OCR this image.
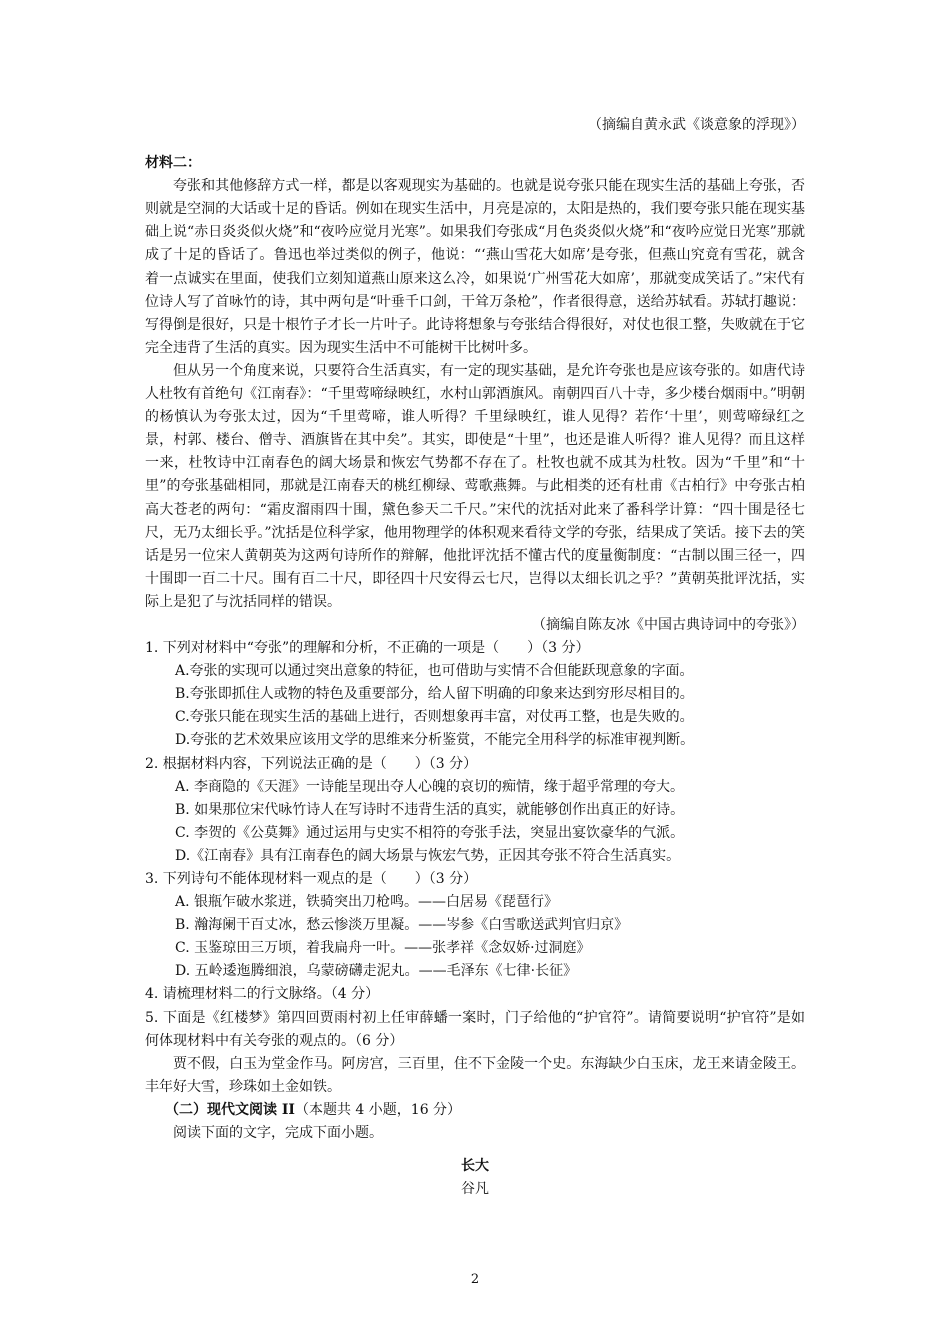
（摘编自黄永武《谈意象的浮现》）

材料二：

夸张和其他修辞方式一样，都是以客观现实为基础的。也就是说夸张只能在现实生活的基础上夸张，否则就是空洞的大话或十足的昏话。例如在现实生活中，月亮是凉的，太阳是热的，我们要夸张只能在现实基础上说“赤日炎炎似火烧”和“夜吟应觉月光寒”。如果我们夸张成“月色炎炎似火烧”和“夜吟应觉日光寒”那就成了十足的昏话了。鲁迅也举过类似的例子，他说：“‘燕山雪花大如席’是夸张，但燕山究竟有雪花，就含着一点诚实在里面，使我们立刻知道燕山原来这么冷，如果说‘广州雪花大如席’，那就变成笑话了。”宋代有位诗人写了首咏竹的诗，其中两句是“叶垂千口剑，干耸万条枪”，作者很得意，送给苏轼看。苏轼打趣说：写得倒是很好，只是十根竹子才长一片叶子。此诗将想象与夸张结合得很好，对仗也很工整，失败就在于它完全违背了生活的真实。因为现实生活中不可能树干比树叶多。

但从另一个角度来说，只要符合生活真实，有一定的现实基础，是允许夸张也是应该夸张的。如唐代诗人杜牧有首绝句《江南春》：“千里莺啼绿映红，水村山郭酒旗风。南朝四百八十寺，多少楼台烟雨中。”明朝的杨慎认为夸张太过，因为“千里莺啼，谁人听得？千里绿映红，谁人见得？若作‘十里’，则莺啼绿红之景，村郭、楼台、僧寺、酒旗皆在其中矣”。其实，即使是“十里”，也还是谁人听得？谁人见得？而且这样一来，杜牧诗中江南春色的阔大场景和恢宏气势都不存在了。杜牧也就不成其为杜牧。因为“千里”和“十里”的夸张基础相同，那就是江南春天的桃红柳绿、莺歌燕舞。与此相类的还有杜甫《古柏行》中夸张古柏高大苍老的两句：“霜皮溜雨四十围，黛色参天二千尺。”宋代的沈括对此来了番科学计算：“四十围是径七尺，无乃太细长乎。”沈括是位科学家，他用物理学的体积观来看待文学的夸张，结果成了笑话。接下去的笑话是另一位宋人黄朝英为这两句诗所作的辩解，他批评沈括不懂古代的度量衡制度：“古制以围三径一，四十围即一百二十尺。围有百二十尺，即径四十尺安得云七尺，岂得以太细长讥之乎？”黄朝英批评沈括，实际上是犯了与沈括同样的错误。

（摘编自陈友冰《中国古典诗词中的夸张》）

1. 下列对材料中“夸张”的理解和分析，不正确的一项是（　　）（3 分）

A.夸张的实现可以通过突出意象的特征，也可借助与实情不合但能跃现意象的字面。

B.夸张即抓住人或物的特色及重要部分，给人留下明确的印象来达到穷形尽相目的。

C.夸张只能在现实生活的基础上进行，否则想象再丰富，对仗再工整，也是失败的。

D.夸张的艺术效果应该用文学的思维来分析鉴赏，不能完全用科学的标准审视判断。

2. 根据材料内容，下列说法正确的是（　　）（3 分）

A. 李商隐的《天涯》一诗能呈现出夺人心魄的哀切的痴情，缘于超乎常理的夸大。

B. 如果那位宋代咏竹诗人在写诗时不违背生活的真实，就能够创作出真正的好诗。

C. 李贺的《公莫舞》通过运用与史实不相符的夸张手法，突显出宴饮豪华的气派。

D.《江南春》具有江南春色的阔大场景与恢宏气势，正因其夸张不符合生活真实。

3. 下列诗句不能体现材料一观点的是（　　）（3 分）

A. 银瓶乍破水浆迸，铁骑突出刀枪鸣。——白居易《琵琶行》

B. 瀚海阑干百丈冰，愁云惨淡万里凝。——岑参《白雪歌送武判官归京》

C. 玉鉴琼田三万顷，着我扁舟一叶。——张孝祥《念奴娇·过洞庭》

D. 五岭逶迤腾细浪，乌蒙磅礴走泥丸。——毛泽东《七律·长征》

4. 请梳理材料二的行文脉络。（4 分）

5. 下面是《红楼梦》第四回贾雨村初上任审薛蟠一案时，门子给他的“护官符”。请简要说明“护官符”是如何体现材料中有关夸张的观点的。（6 分）

贾不假，白玉为堂金作马。阿房宫，三百里，住不下金陵一个史。东海缺少白玉床，龙王来请金陵王。丰年好大雪，珍珠如土金如铁。

（二）现代文阅读 II（本题共 4 小题，16 分）

阅读下面的文字，完成下面小题。

长大

谷凡

2
